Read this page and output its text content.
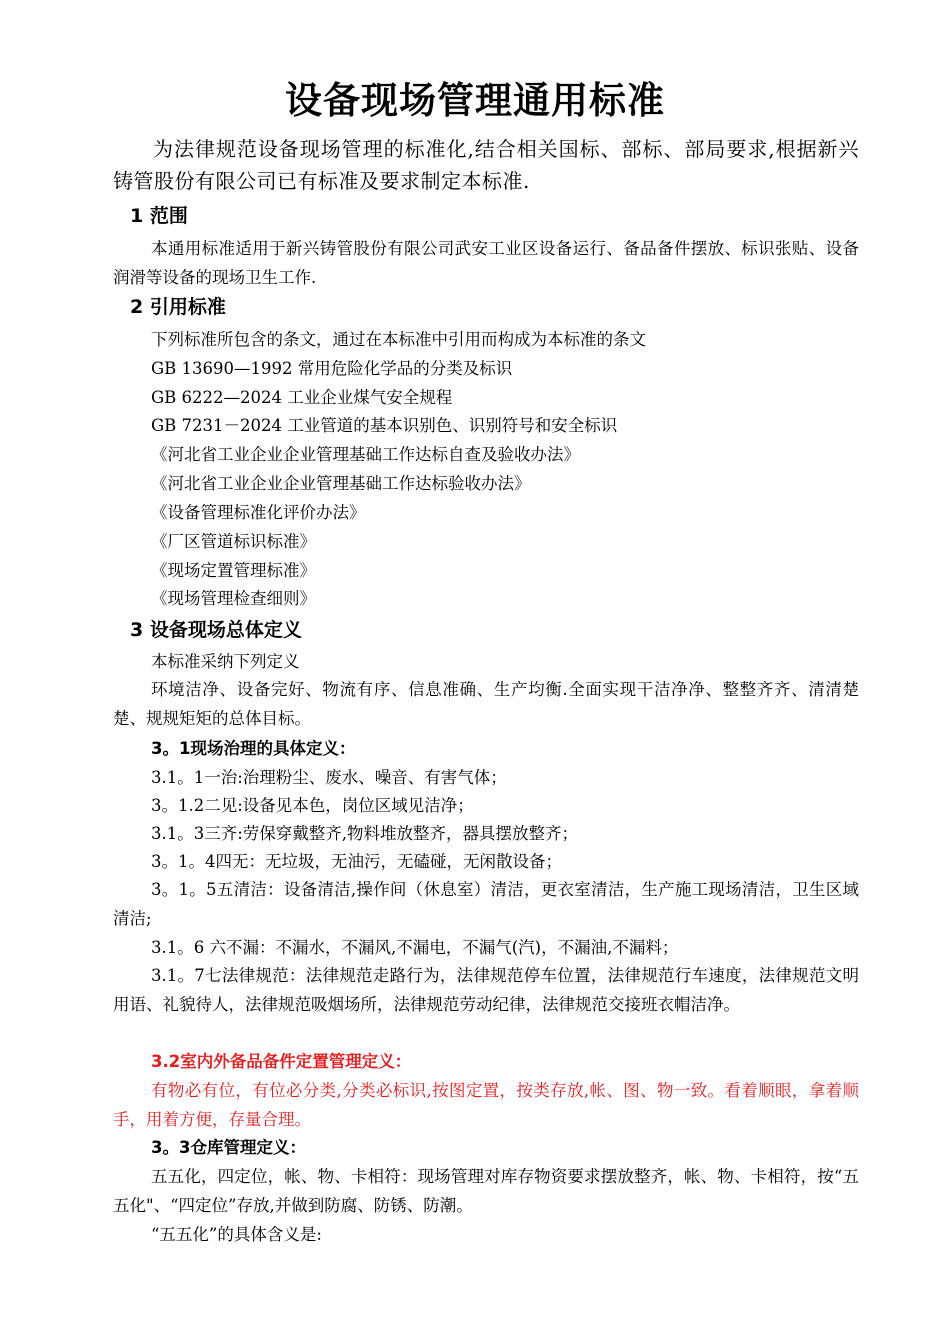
设备现场管理通用标准
为法律规范设备现场管理的标准化,结合相关国标、部标、部局要求,根据新兴铸管股份有限公司已有标准及要求制定本标准.
1 范围
本通用标准适用于新兴铸管股份有限公司武安工业区设备运行、备品备件摆放、标识张贴、设备润滑等设备的现场卫生工作.
2 引用标准
下列标准所包含的条文，通过在本标准中引用而构成为本标准的条文
GB 13690—1992 常用危险化学品的分类及标识
GB 6222—2024 工业企业煤气安全规程
GB 7231－2024 工业管道的基本识别色、识别符号和安全标识
《河北省工业企业企业管理基础工作达标自查及验收办法》
《河北省工业企业企业管理基础工作达标验收办法》
《设备管理标准化评价办法》
《厂区管道标识标准》
《现场定置管理标准》
《现场管理检查细则》
3 设备现场总体定义
本标准采纳下列定义
环境洁净、设备完好、物流有序、信息准确、生产均衡.全面实现干洁净净、整整齐齐、清清楚楚、规规矩矩的总体目标。
3。1现场治理的具体定义：
3.1。1一治:治理粉尘、废水、噪音、有害气体；
3。1.2二见:设备见本色，岗位区域见洁净；
3.1。3三齐:劳保穿戴整齐,物料堆放整齐，器具摆放整齐；
3。1。4四无：无垃圾，无油污，无磕碰，无闲散设备；
3。1。5五清洁：设备清洁,操作间（休息室）清洁，更衣室清洁，生产施工现场清洁，卫生区域清洁;
3.1。6 六不漏：不漏水，不漏风,不漏电，不漏气(汽)，不漏油,不漏料；
3.1。7七法律规范：法律规范走路行为，法律规范停车位置，法律规范行车速度，法律规范文明用语、礼貌待人，法律规范吸烟场所，法律规范劳动纪律，法律规范交接班衣帽洁净。
3.2室内外备品备件定置管理定义：
有物必有位，有位必分类,分类必标识,按图定置，按类存放,帐、图、物一致。看着顺眼，拿着顺手，用着方便，存量合理。
3。3仓库管理定义：
五五化，四定位，帐、物、卡相符：现场管理对库存物资要求摆放整齐，帐、物、卡相符，按“五五化"、“四定位”存放,并做到防腐、防锈、防潮。
“五五化”的具体含义是:
